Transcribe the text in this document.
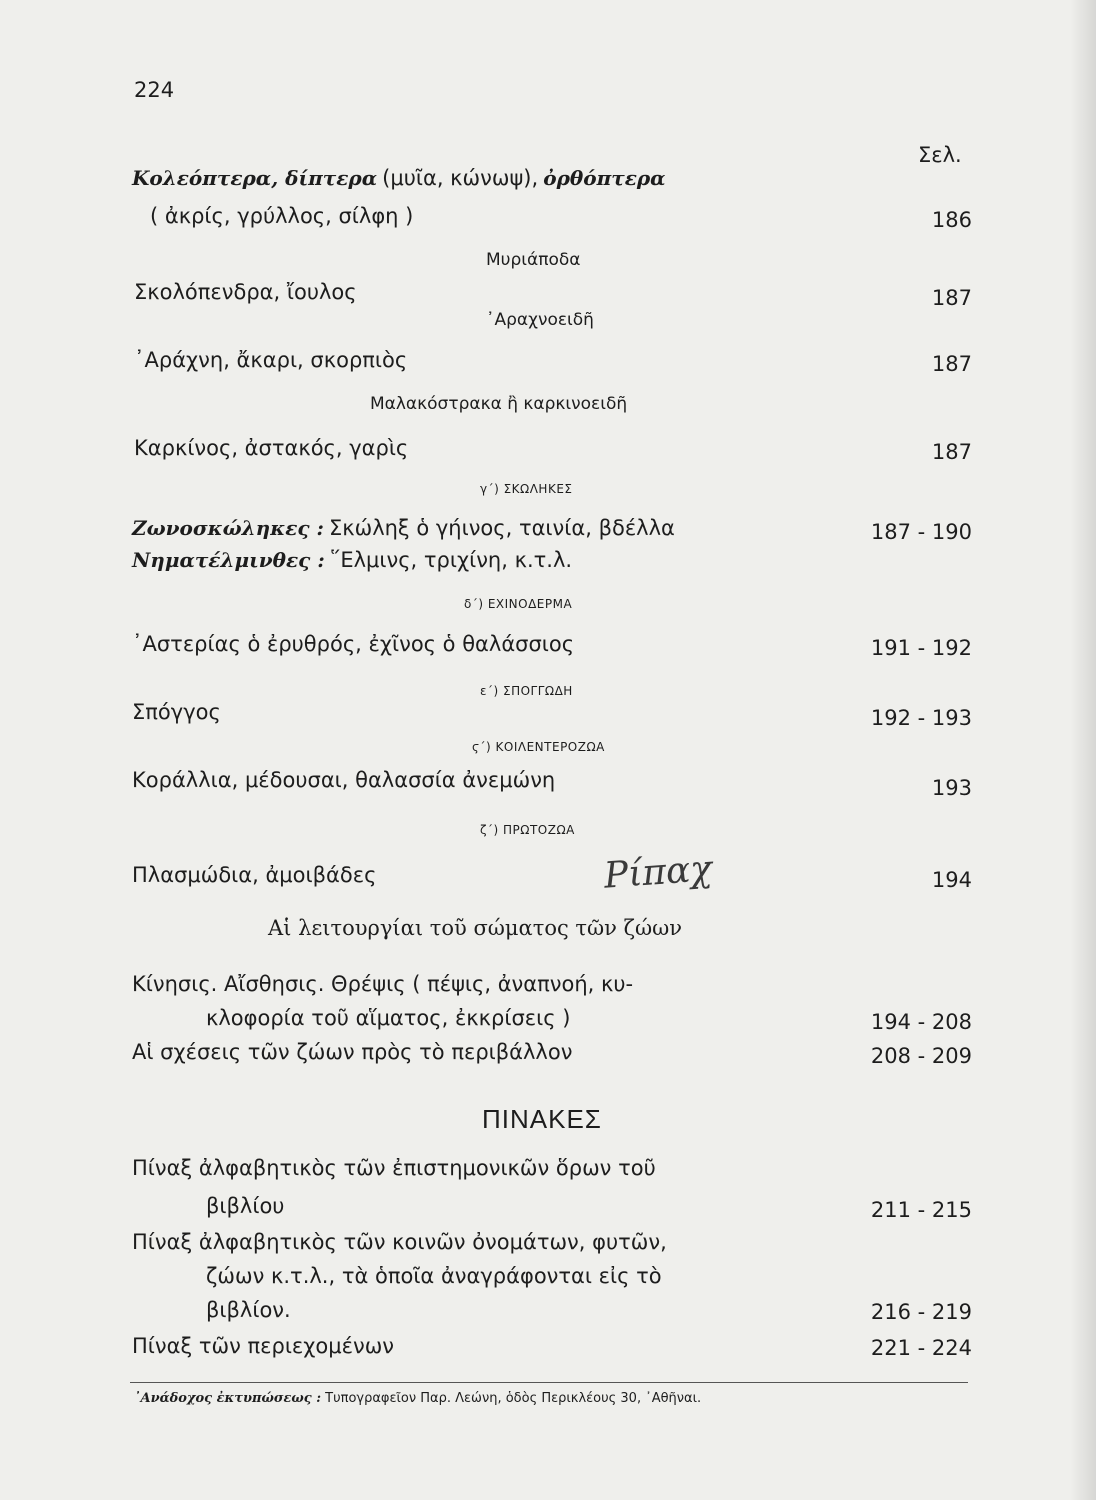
224
Σελ.
Κολεόπτερα, δίπτερα (μυῖα, κώνωψ), ὀρθόπτερα
( ἀκρίς, γρύλλος, σίλφη )	186
Μυριάποδα
Σκολόπενδρα, ἴουλος	187
᾿Αραχνοειδῆ
᾿Αράχνη, ἄκαρι, σκορπιὸς	187
Μαλακόστρακα ἢ καρκινοειδῆ
Καρκίνος, ἀστακός, γαρὶς	187
γ΄) ΣΚΩΛΗΚΕΣ
Ζωνοσκώληκες : Σκώληξ ὁ γήινος, ταινία, βδέλλα	187 - 190
Νηματέλμινθες : ῞Ελμινς, τριχίνη, κ.τ.λ.
δ΄) ΕΧΙΝΟΔΕΡΜΑ
᾿Αστερίας ὁ ἐρυθρός, ἐχῖνος ὁ θαλάσσιος	191 - 192
ε΄) ΣΠΟΓΓΩΔΗ
Σπόγγος	192 - 193
ϛ΄) ΚΟΙΛΕΝΤΕΡΟΖΩΑ
Κοράλλια, μέδουσαι, θαλασσία ἀνεμώνη	193
ζ΄) ΠΡΩΤΟΖΩΑ
Πλασμώδια, ἀμοιβάδες	194
Ρίπαχ
Αἱ λειτουργίαι τοῦ σώματος τῶν ζώων
Κίνησις. Αἴσθησις. Θρέψις ( πέψις, ἀναπνοή, κυ-
κλοφορία τοῦ αἵματος, ἐκκρίσεις )	194 - 208
Αἱ σχέσεις τῶν ζώων πρὸς τὸ περιβάλλον	208 - 209
ΠΙΝΑΚΕΣ
Πίναξ ἀλφαβητικὸς τῶν ἐπιστημονικῶν ὅρων τοῦ
βιβλίου	211 - 215
Πίναξ ἀλφαβητικὸς τῶν κοινῶν ὀνομάτων, φυτῶν,
ζώων κ.τ.λ., τὰ ὁποῖα ἀναγράφονται εἰς τὸ
βιβλίον.	216 - 219
Πίναξ τῶν περιεχομένων	221 - 224
᾿Ανάδοχος ἐκτυπώσεως : Τυπογραφεῖον Παρ. Λεώνη, ὁδὸς Περικλέους 30, ᾿Αθῆναι.
